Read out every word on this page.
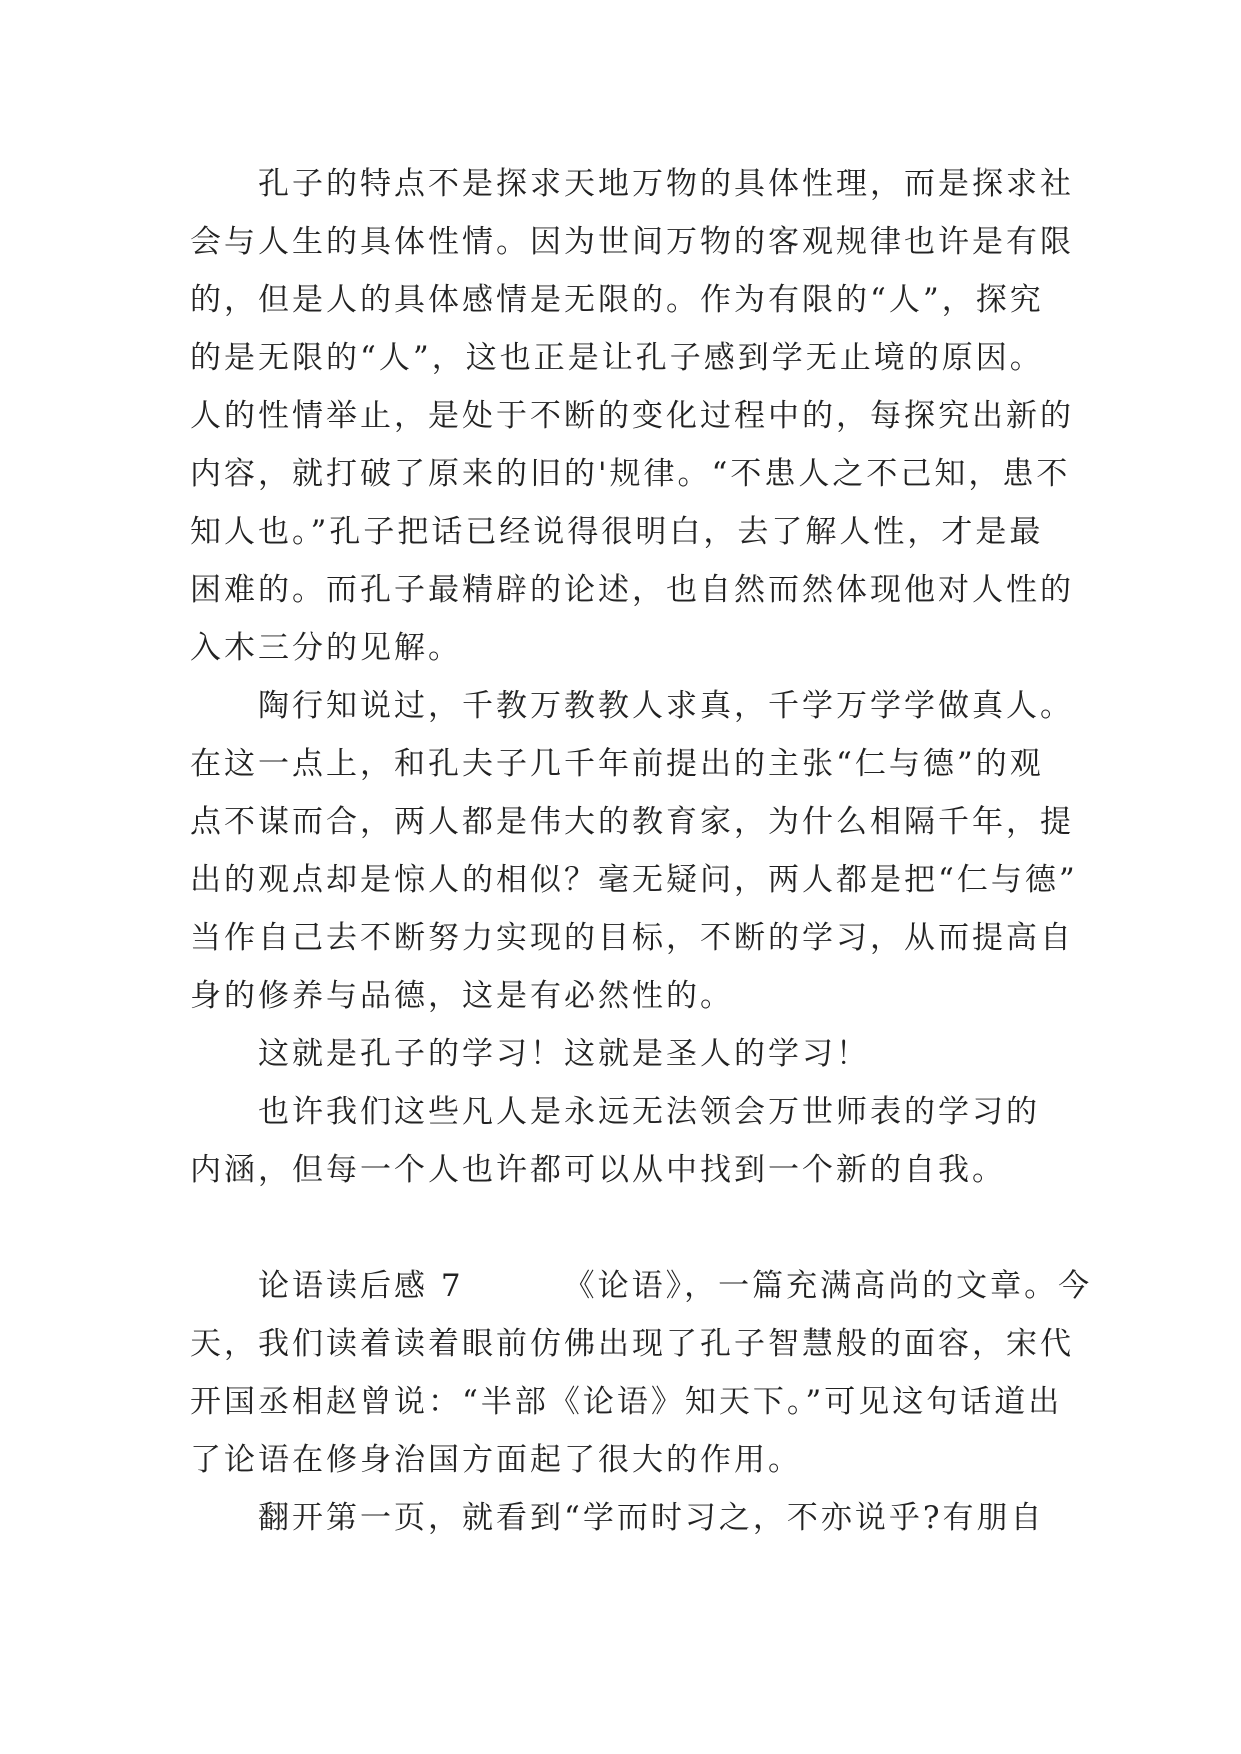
孔子的特点不是探求天地万物的具体性理，而是探求社
会与人生的具体性情。因为世间万物的客观规律也许是有限
的，但是人的具体感情是无限的。作为有限的“人”，探究
的是无限的“人”，这也正是让孔子感到学无止境的原因。
人的性情举止，是处于不断的变化过程中的，每探究出新的
内容，就打破了原来的旧的'规律。“不患人之不己知，患不
知人也。”孔子把话已经说得很明白，去了解人性，才是最
困难的。而孔子最精辟的论述，也自然而然体现他对人性的
入木三分的见解。
陶行知说过，千教万教教人求真，千学万学学做真人。
在这一点上，和孔夫子几千年前提出的主张“仁与德”的观
点不谋而合，两人都是伟大的教育家，为什么相隔千年，提
出的观点却是惊人的相似？毫无疑问，两人都是把“仁与德”
当作自己去不断努力实现的目标，不断的学习，从而提高自
身的修养与品德，这是有必然性的。
这就是孔子的学习！这就是圣人的学习！
也许我们这些凡人是永远无法领会万世师表的学习的
内涵，但每一个人也许都可以从中找到一个新的自我。
论语读后感 7	《论语》，一篇充满高尚的文章。今
天，我们读着读着眼前仿佛出现了孔子智慧般的面容，宋代
开国丞相赵曾说：“半部《论语》知天下。”可见这句话道出
了论语在修身治国方面起了很大的作用。
翻开第一页，就看到“学而时习之，不亦说乎?有朋自
